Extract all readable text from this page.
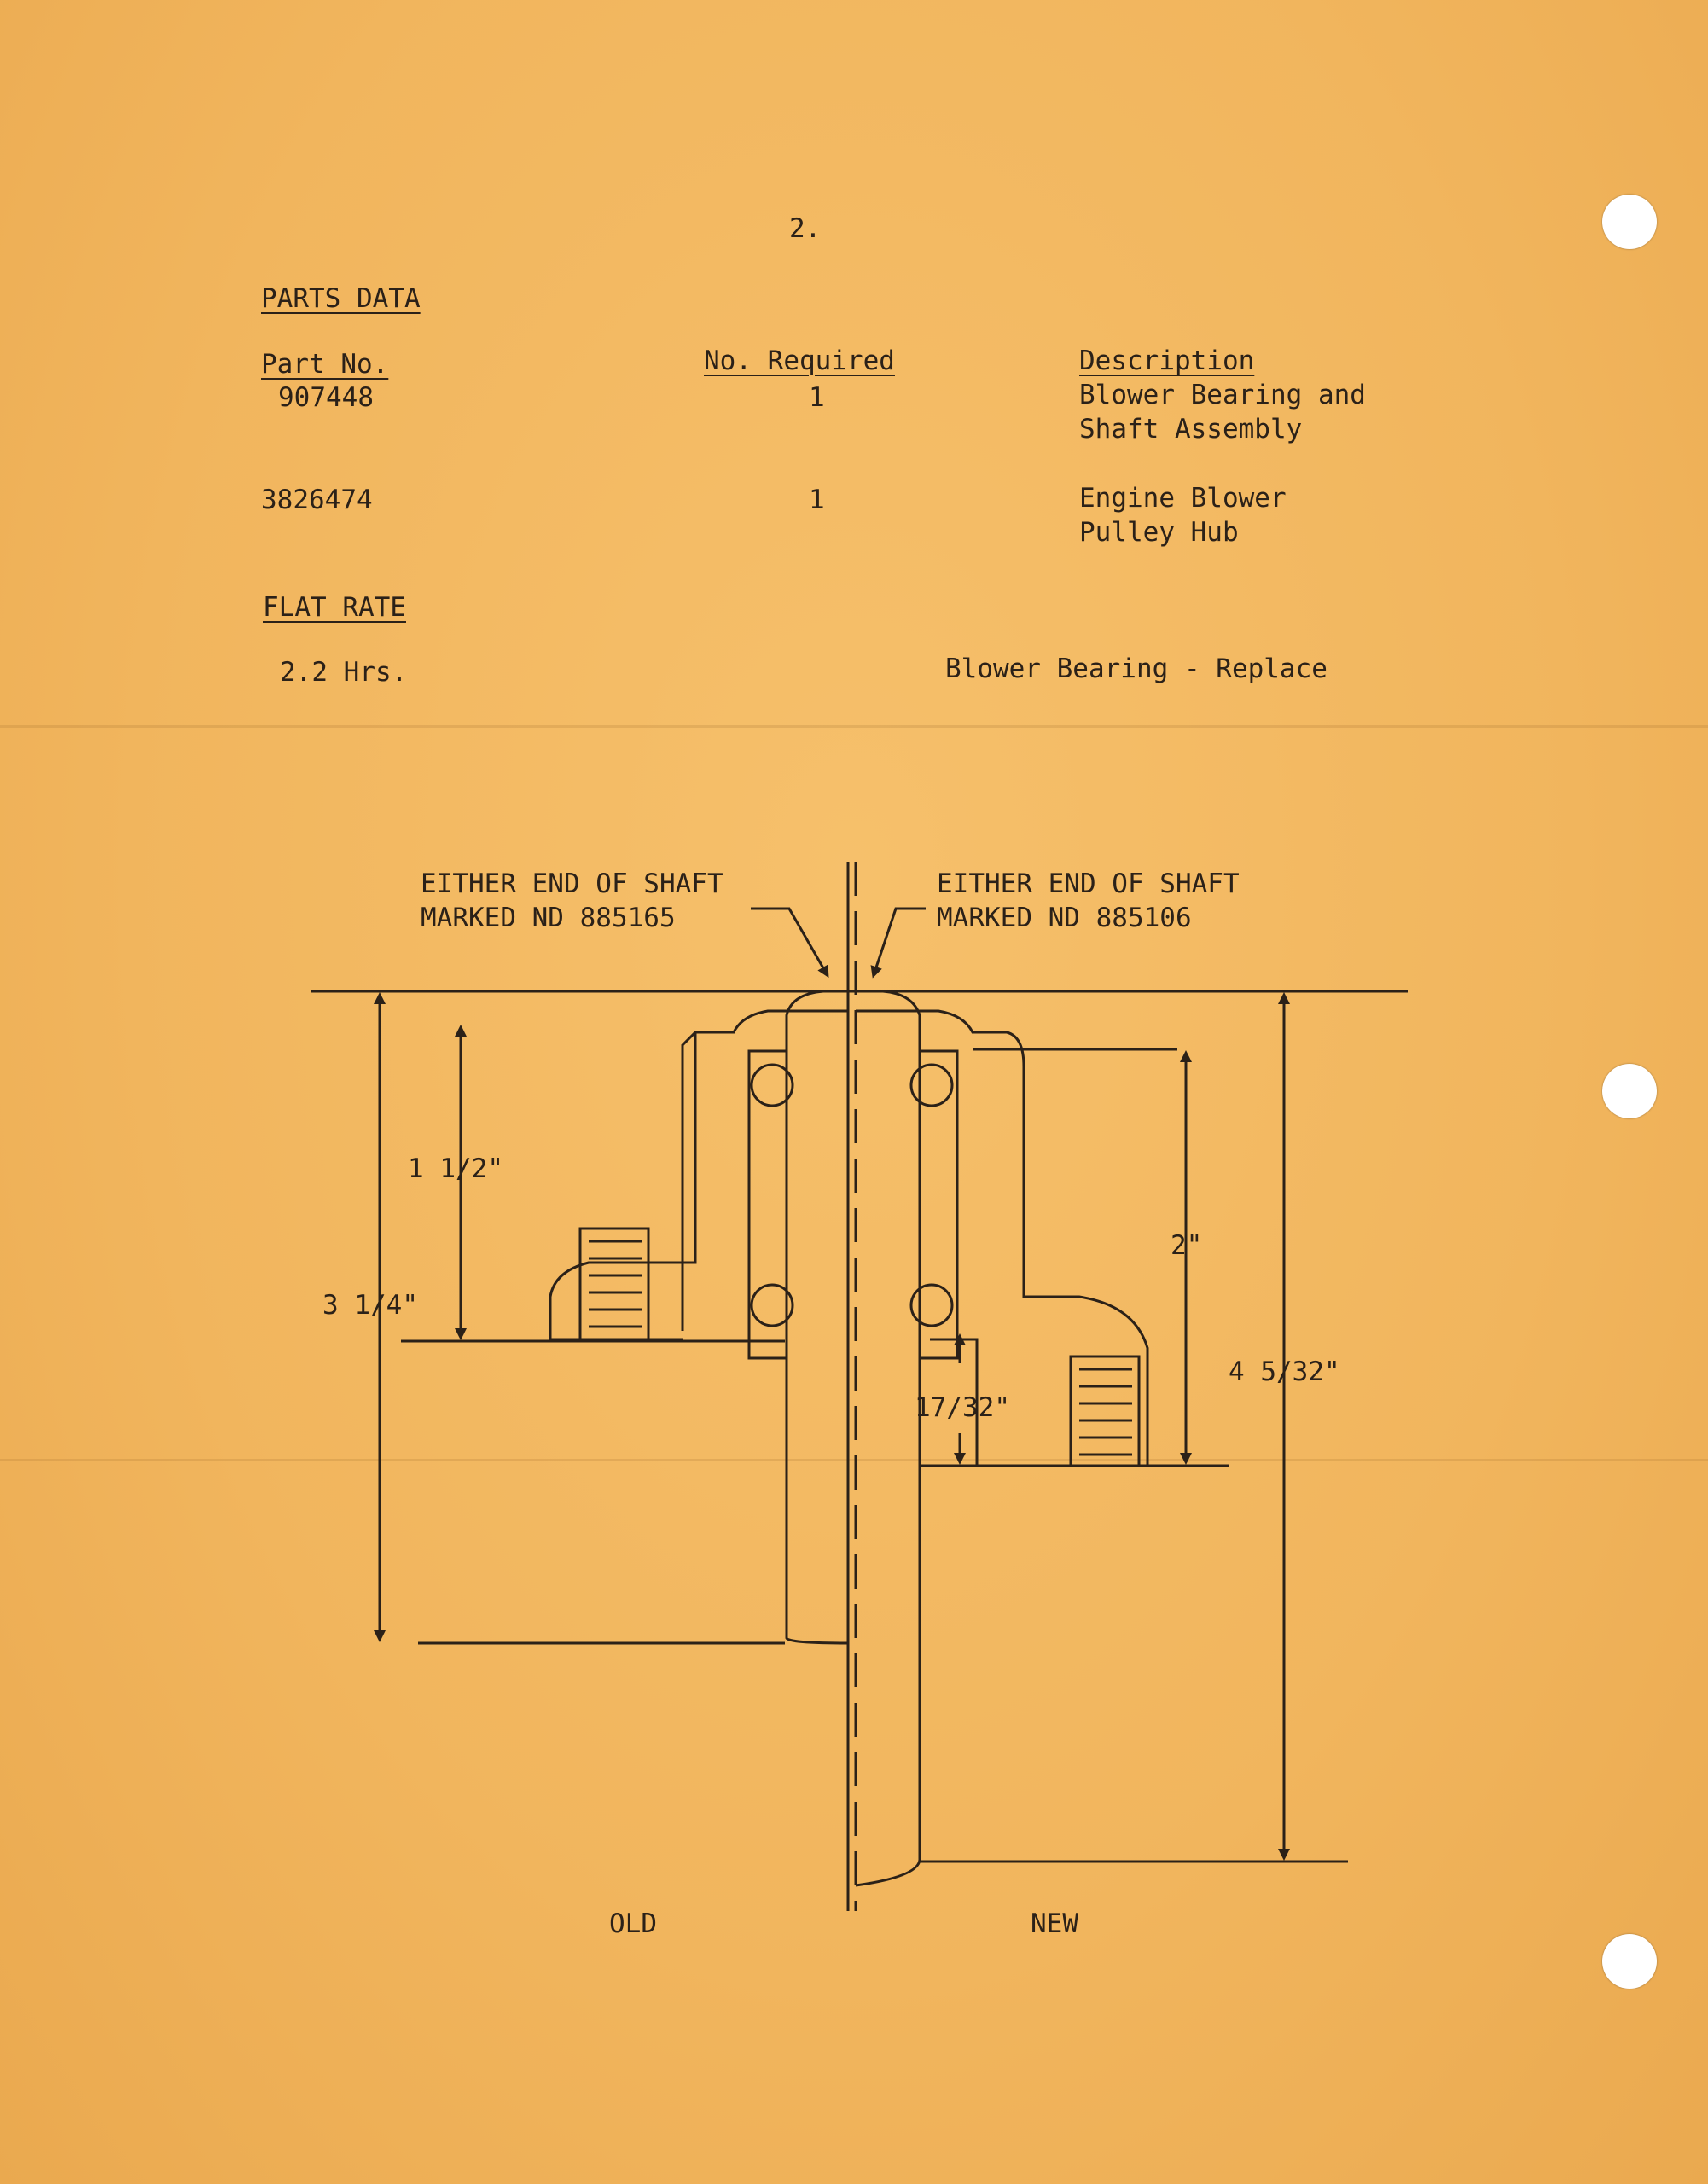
2.
PARTS DATA
Part No.	No. Required	Description
907448	1	Blower Bearing and
Shaft Assembly
3826474	1	Engine Blower
Pulley Hub
FLAT RATE
2.2 Hrs.	Blower Bearing - Replace
EITHER END OF SHAFT
MARKED ND 885165
EITHER END OF SHAFT
MARKED ND 885106
1 1/2"
3 1/4"
2"
17/32"
4 5/32"
OLD	NEW
